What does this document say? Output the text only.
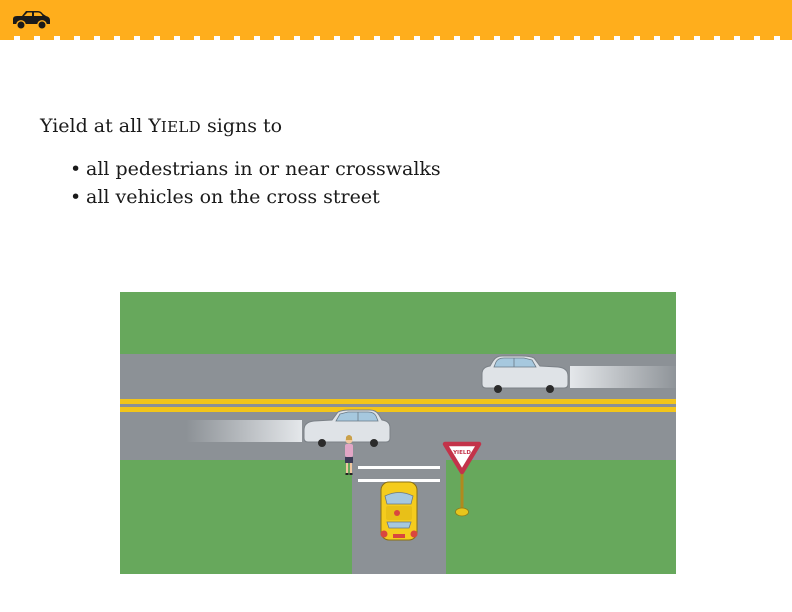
Yield at all YIELD signs to

• all pedestrians in or near crosswalks
• all vehicles on the cross street
YIELD
